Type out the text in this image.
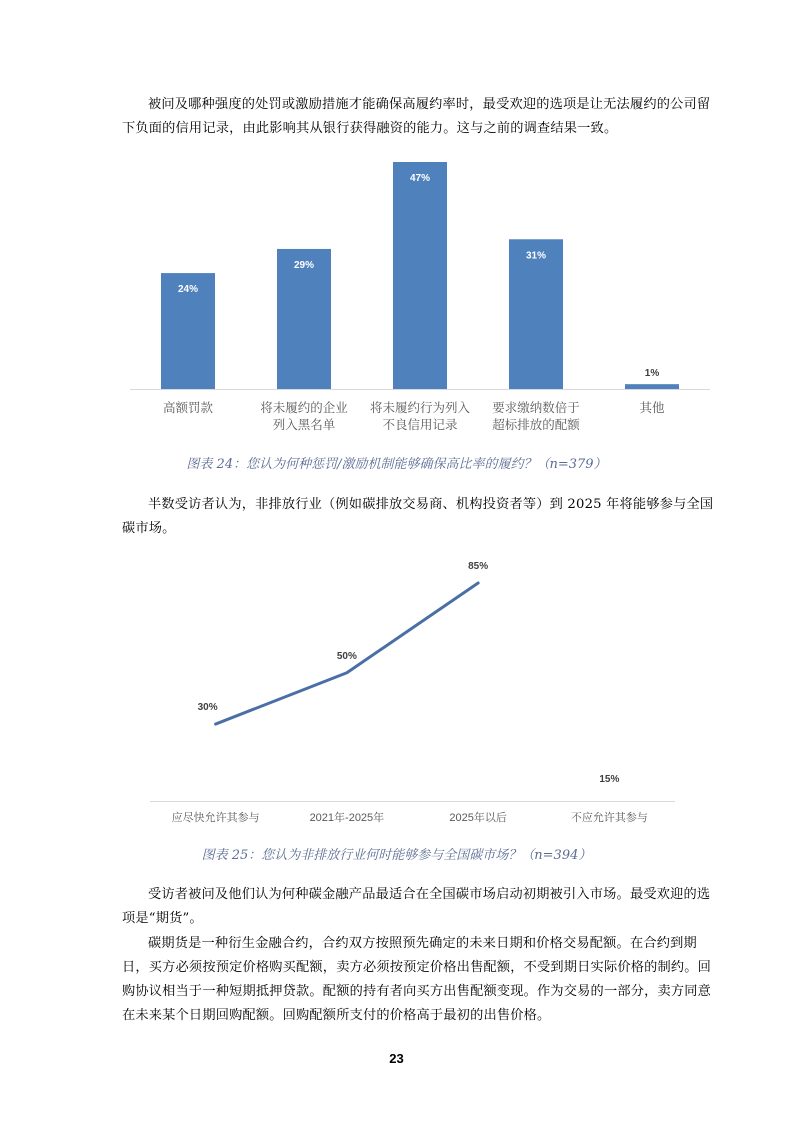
被问及哪种强度的处罚或激励措施才能确保高履约率时，最受欢迎的选项是让无法履约的公司留下负面的信用记录，由此影响其从银行获得融资的能力。这与之前的调查结果一致。

24%
高额罚款
29%
将未履约的企业列入黑名单
47%
将未履约行为列入不良信用记录
31%
要求缴纳数倍于超标排放的配额
1%
其他

图表 24：您认为何种惩罚/激励机制能够确保高比率的履约？（n=379）

半数受访者认为，非排放行业（例如碳排放交易商、机构投资者等）到 2025 年将能够参与全国碳市场。

30%
应尽快允许其参与
50%
2021年-2025年
85%
2025年以后
15%
不应允许其参与

图表 25：您认为非排放行业何时能够参与全国碳市场？（n=394）

受访者被问及他们认为何种碳金融产品最适合在全国碳市场启动初期被引入市场。最受欢迎的选项是“期货”。

碳期货是一种衍生金融合约，合约双方按照预先确定的未来日期和价格交易配额。在合约到期日，买方必须按预定价格购买配额，卖方必须按预定价格出售配额，不受到期日实际价格的制约。回购协议相当于一种短期抵押贷款。配额的持有者向买方出售配额变现。作为交易的一部分，卖方同意在未来某个日期回购配额。回购配额所支付的价格高于最初的出售价格。

23
